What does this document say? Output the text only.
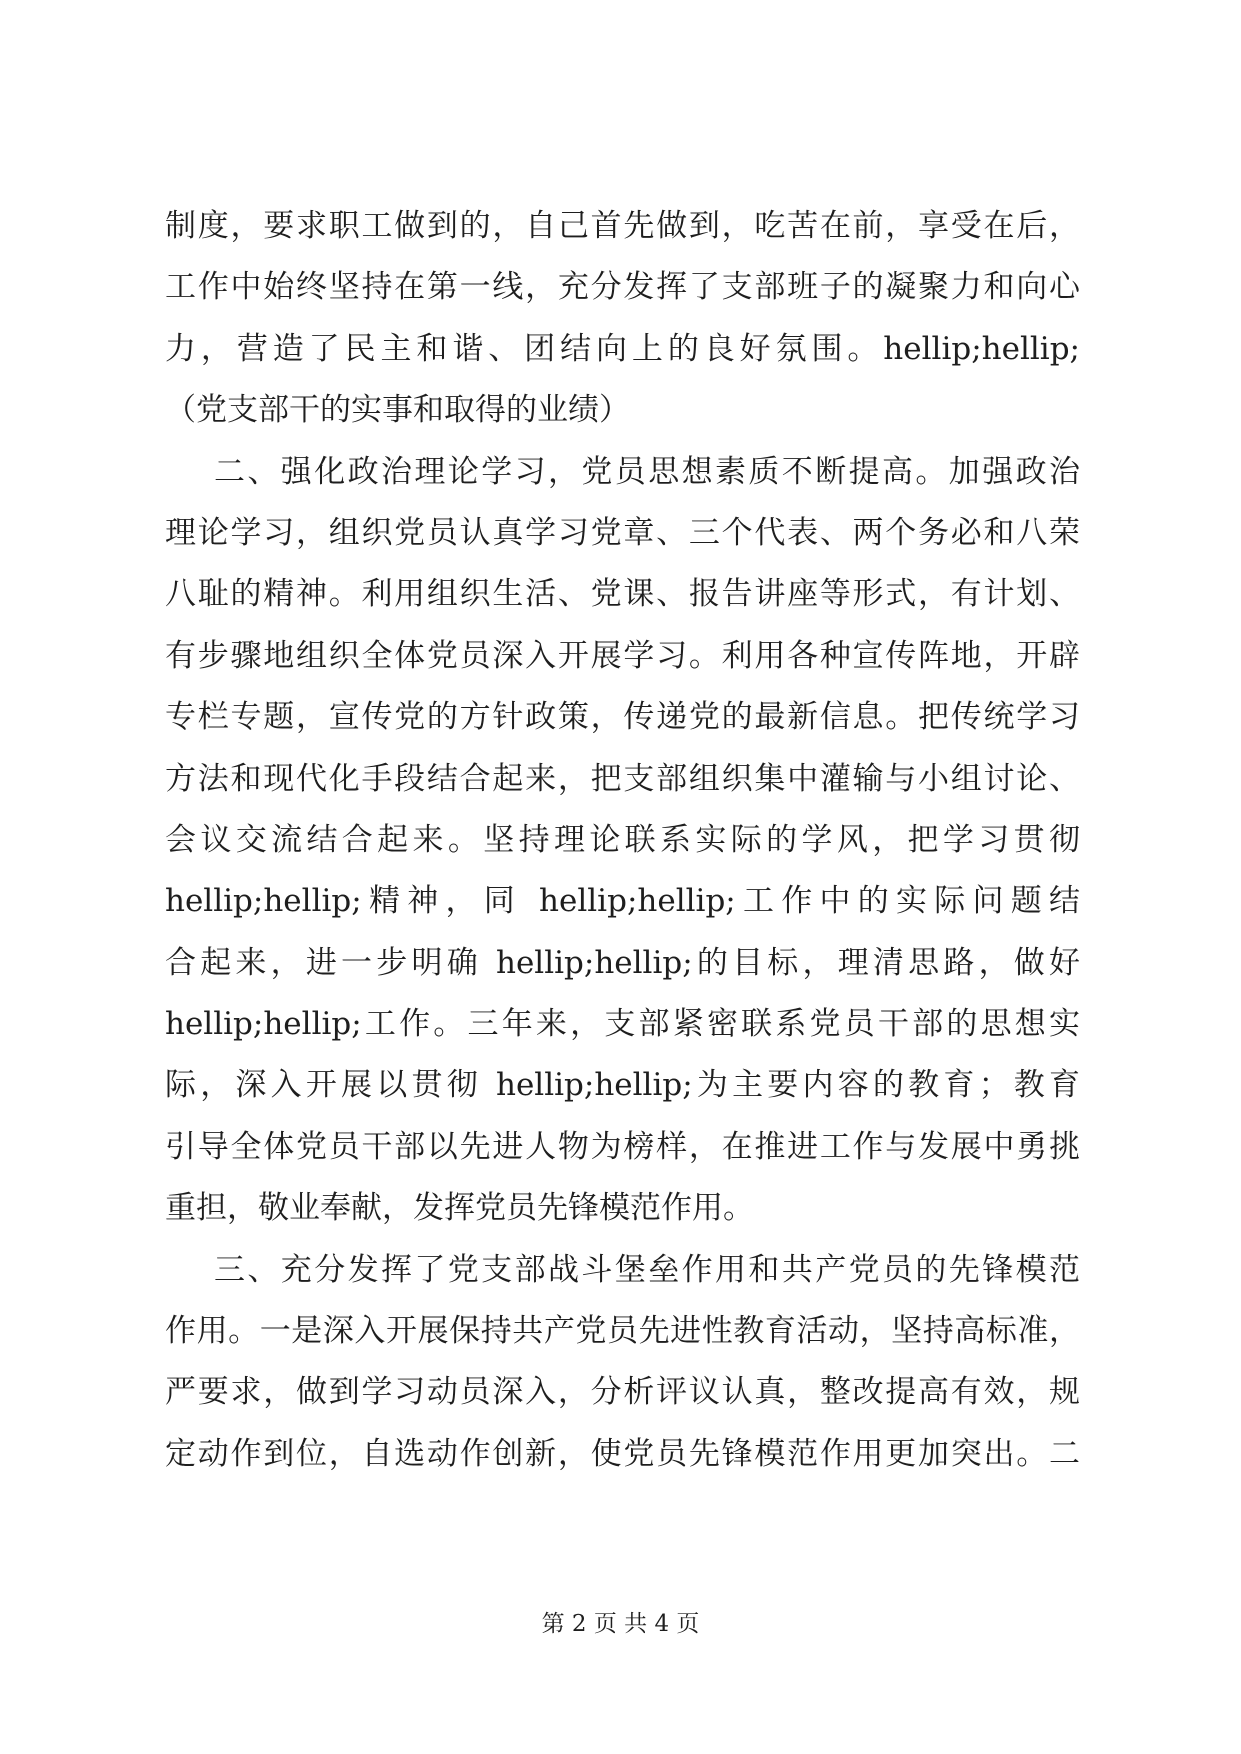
制度，要求职工做到的，自己首先做到，吃苦在前，享受在后，
工作中始终坚持在第一线，充分发挥了支部班子的凝聚力和向心
力，营造了民主和谐、团结向上的良好氛围。hellip;hellip;
（党支部干的实事和取得的业绩）
二、强化政治理论学习，党员思想素质不断提高。加强政治
理论学习，组织党员认真学习党章、三个代表、两个务必和八荣
八耻的精神。利用组织生活、党课、报告讲座等形式，有计划、
有步骤地组织全体党员深入开展学习。利用各种宣传阵地，开辟
专栏专题，宣传党的方针政策，传递党的最新信息。把传统学习
方法和现代化手段结合起来，把支部组织集中灌输与小组讨论、
会议交流结合起来。坚持理论联系实际的学风，把学习贯彻
hellip;hellip;精神，同 hellip;hellip;工作中的实际问题结
合起来，进一步明确 hellip;hellip;的目标，理清思路，做好
hellip;hellip;工作。三年来，支部紧密联系党员干部的思想实
际，深入开展以贯彻 hellip;hellip;为主要内容的教育；教育
引导全体党员干部以先进人物为榜样，在推进工作与发展中勇挑
重担，敬业奉献，发挥党员先锋模范作用。
三、充分发挥了党支部战斗堡垒作用和共产党员的先锋模范
作用。一是深入开展保持共产党员先进性教育活动，坚持高标准，
严要求，做到学习动员深入，分析评议认真，整改提高有效，规
定动作到位，自选动作创新，使党员先锋模范作用更加突出。二
第 2 页 共 4 页
